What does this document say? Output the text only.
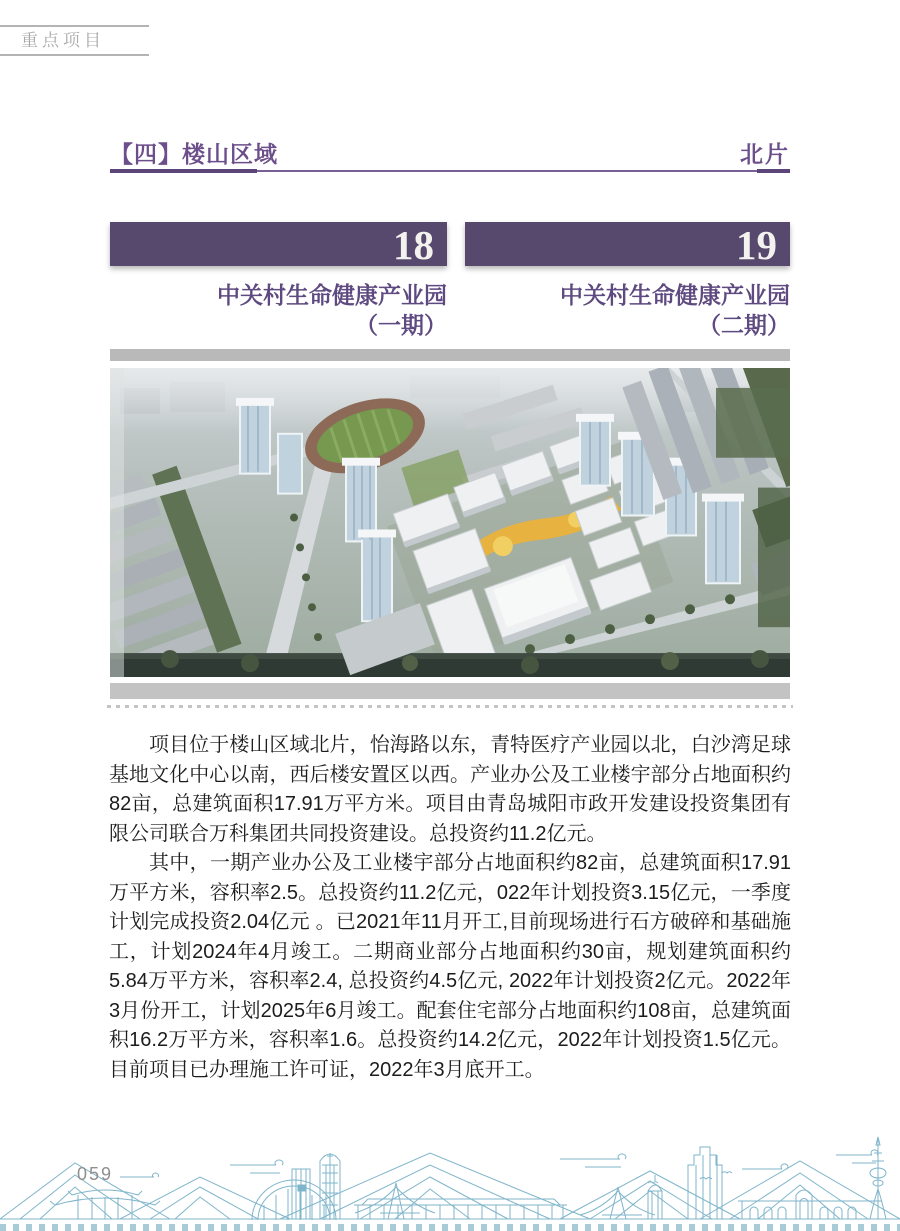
重点项目
【四】楼山区域	北片
18	19
中关村生命健康产业园
（一期）
中关村生命健康产业园
（二期）

项目位于楼山区域北片，怡海路以东，青特医疗产业园以北，白沙湾足球基地文化中心以南，西后楼安置区以西。产业办公及工业楼宇部分占地面积约82亩，总建筑面积17.91万平方米。项目由青岛城阳市政开发建设投资集团有限公司联合万科集团共同投资建设。总投资约11.2亿元。

其中，一期产业办公及工业楼宇部分占地面积约82亩，总建筑面积17.91万平方米，容积率2.5。总投资约11.2亿元，022年计划投资3.15亿元，一季度计划完成投资2.04亿元 。已2021年11月开工,目前现场进行石方破碎和基础施工，计划2024年4月竣工。二期商业部分占地面积约30亩，规划建筑面积约5.84万平方米，容积率2.4, 总投资约4.5亿元, 2022年计划投资2亿元。2022年3月份开工，计划2025年6月竣工。配套住宅部分占地面积约108亩，总建筑面积16.2万平方米，容积率1.6。总投资约14.2亿元，2022年计划投资1.5亿元。目前项目已办理施工许可证，2022年3月底开工。

059
